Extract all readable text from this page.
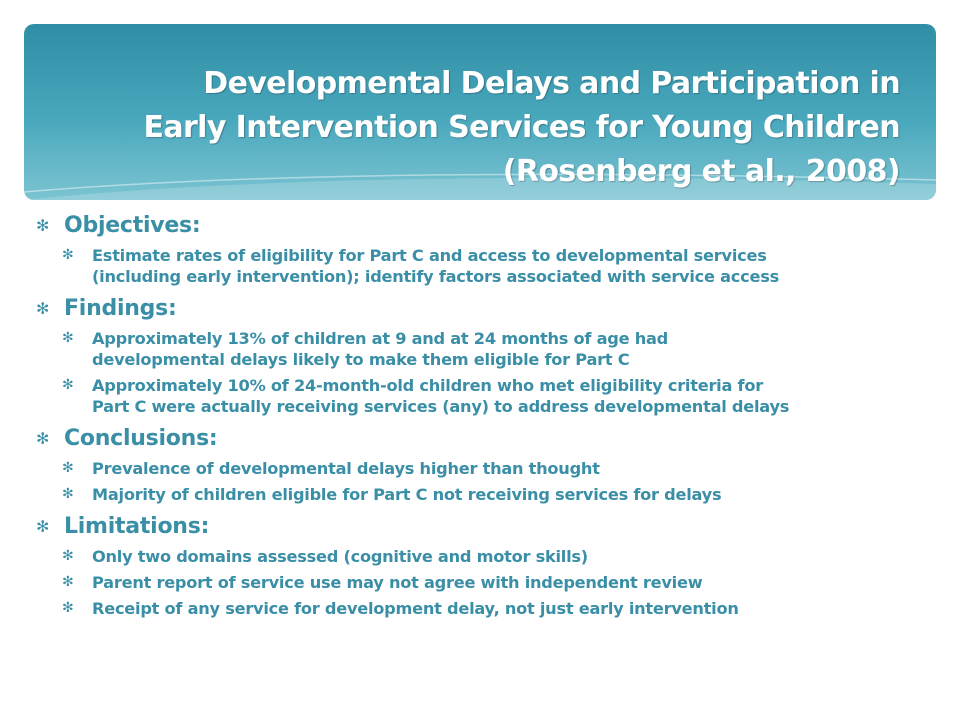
Developmental Delays and Participation in
Early Intervention Services for Young Children
(Rosenberg et al., 2008)
✻ Objectives:
✻	Estimate rates of eligibility for Part C and access to developmental services
(including early intervention); identify factors associated with service access
✻ Findings:
✻	Approximately 13% of children at 9 and at 24 months of age had
developmental delays likely to make them eligible for Part C
✻	Approximately 10% of 24-month-old children who met eligibility criteria for
Part C were actually receiving services (any) to address developmental delays
✻ Conclusions:
✻	Prevalence of developmental delays higher than thought
✻	Majority of children eligible for Part C not receiving services for delays
✻ Limitations:
✻	Only two domains assessed (cognitive and motor skills)
✻	Parent report of service use may not agree with independent review
✻	Receipt of any service for development delay, not just early intervention
